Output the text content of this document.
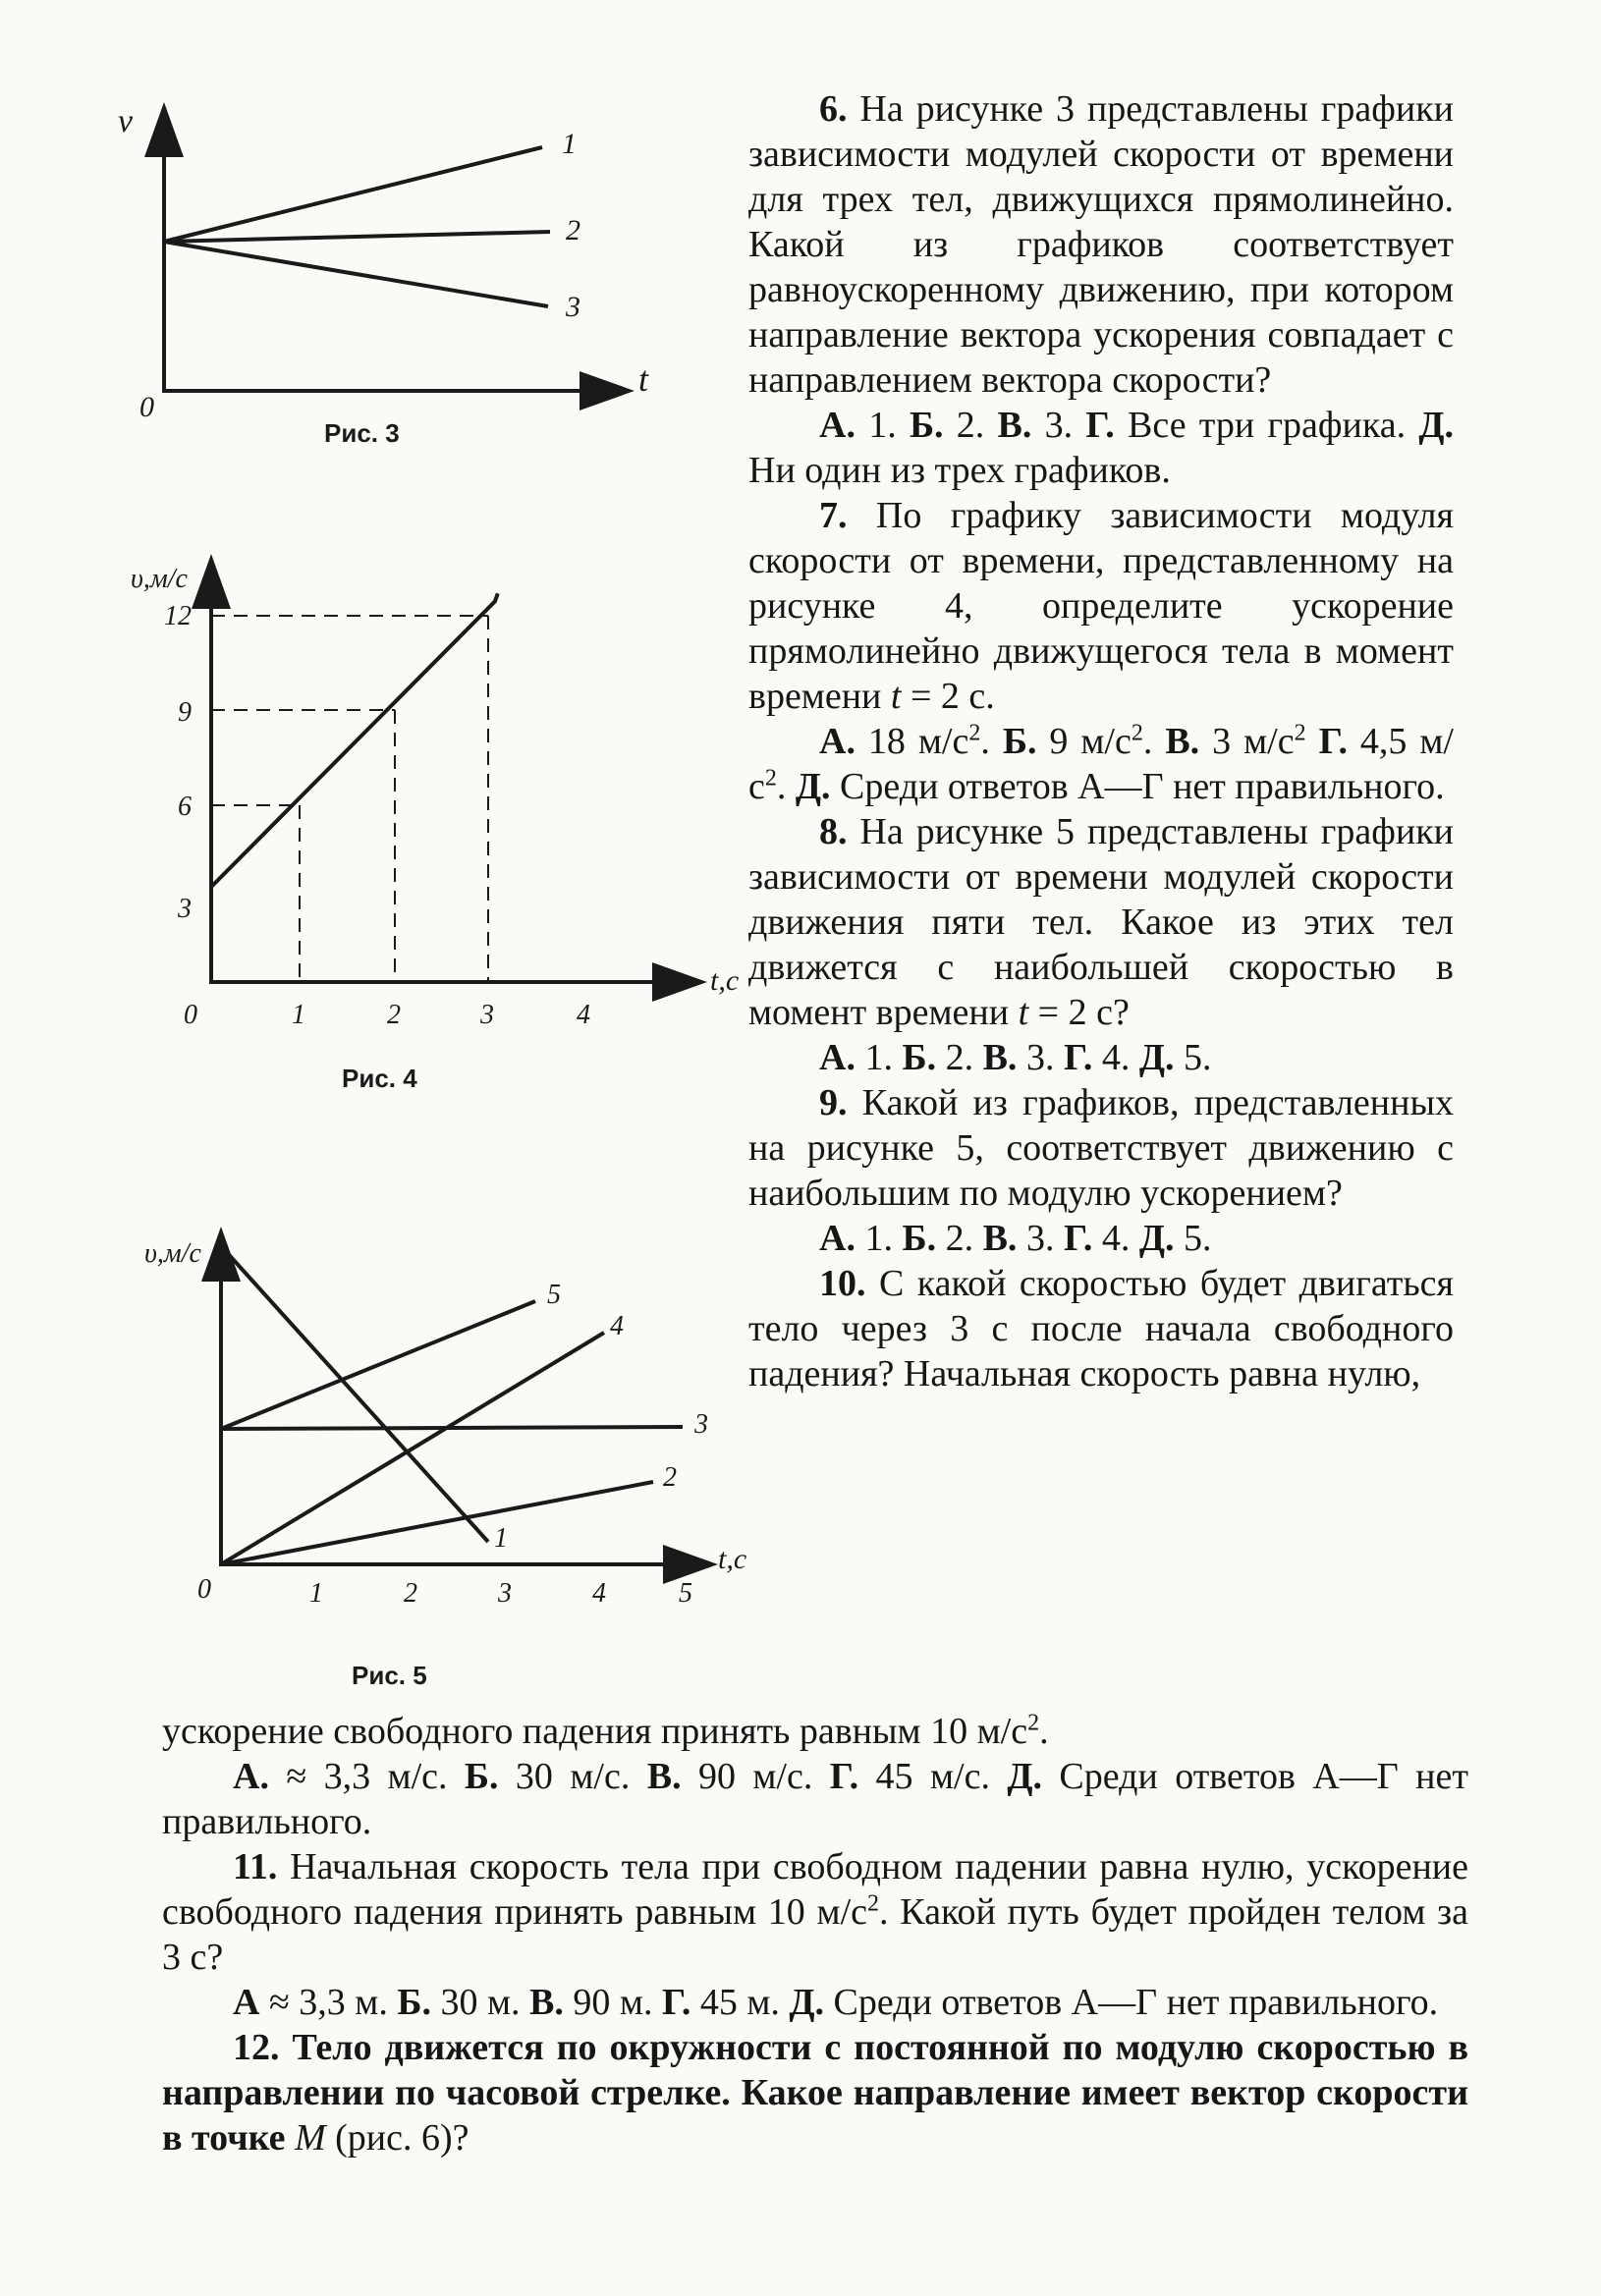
v
t
0
1
2
3
Рис. 3
υ,м/с
t,c
0
3
6
9
12
1	2	3	4
Рис. 4
υ,м/с
t,c
0	1	2	3	4	5
1
2
3
4
5
Рис. 5

6. На рисунке 3 представлены графики зависимости модулей скорости от времени для трех тел, движущихся прямолинейно. Какой из графиков соответствует равноускоренному движению, при котором направление вектора ускорения совпадает с направлением вектора скорости?

А. 1. Б. 2. В. 3. Г. Все три графика. Д. Ни один из трех графиков.

7. По графику зависимости модуля скорости от времени, представленному на рисунке 4, определите ускорение прямолинейно движущегося тела в момент времени t = 2 с.

А. 18 $м/с^2$. Б. 9 $м/с^2$. В. 3 $м/с^2$ Г. 4,5 $м/с^2$. Д. Среди ответов А—Г нет правильного.

8. На рисунке 5 представлены графики зависимости от времени модулей скорости движения пяти тел. Какое из этих тел движется с наибольшей скоростью в момент времени t = 2 с?

А. 1. Б. 2. В. 3. Г. 4. Д. 5.

9. Какой из графиков, представленных на рисунке 5, соответствует движению с наибольшим по модулю ускорением?

А. 1. Б. 2. В. 3. Г. 4. Д. 5.

10. С какой скоростью будет двигаться тело через 3 с после начала свободного падения? Начальная скорость равна нулю,

ускорение свободного падения принять равным 10 $м/с^2$.

А. ≈ 3,3 м/с. Б. 30 м/с. В. 90 м/с. Г. 45 м/с. Д. Среди ответов А—Г нет правильного.

11. Начальная скорость тела при свободном падении равна нулю, ускорение свободного падения принять равным 10 $м/с^2$. Какой путь будет пройден телом за 3 с?

А ≈ 3,3 м. Б. 30 м. В. 90 м. Г. 45 м. Д. Среди ответов А—Г нет правильного.

12. Тело движется по окружности с постоянной по модулю скоростью в направлении по часовой стрелке. Какое направление имеет вектор скорости в точке M (рис. 6)?
